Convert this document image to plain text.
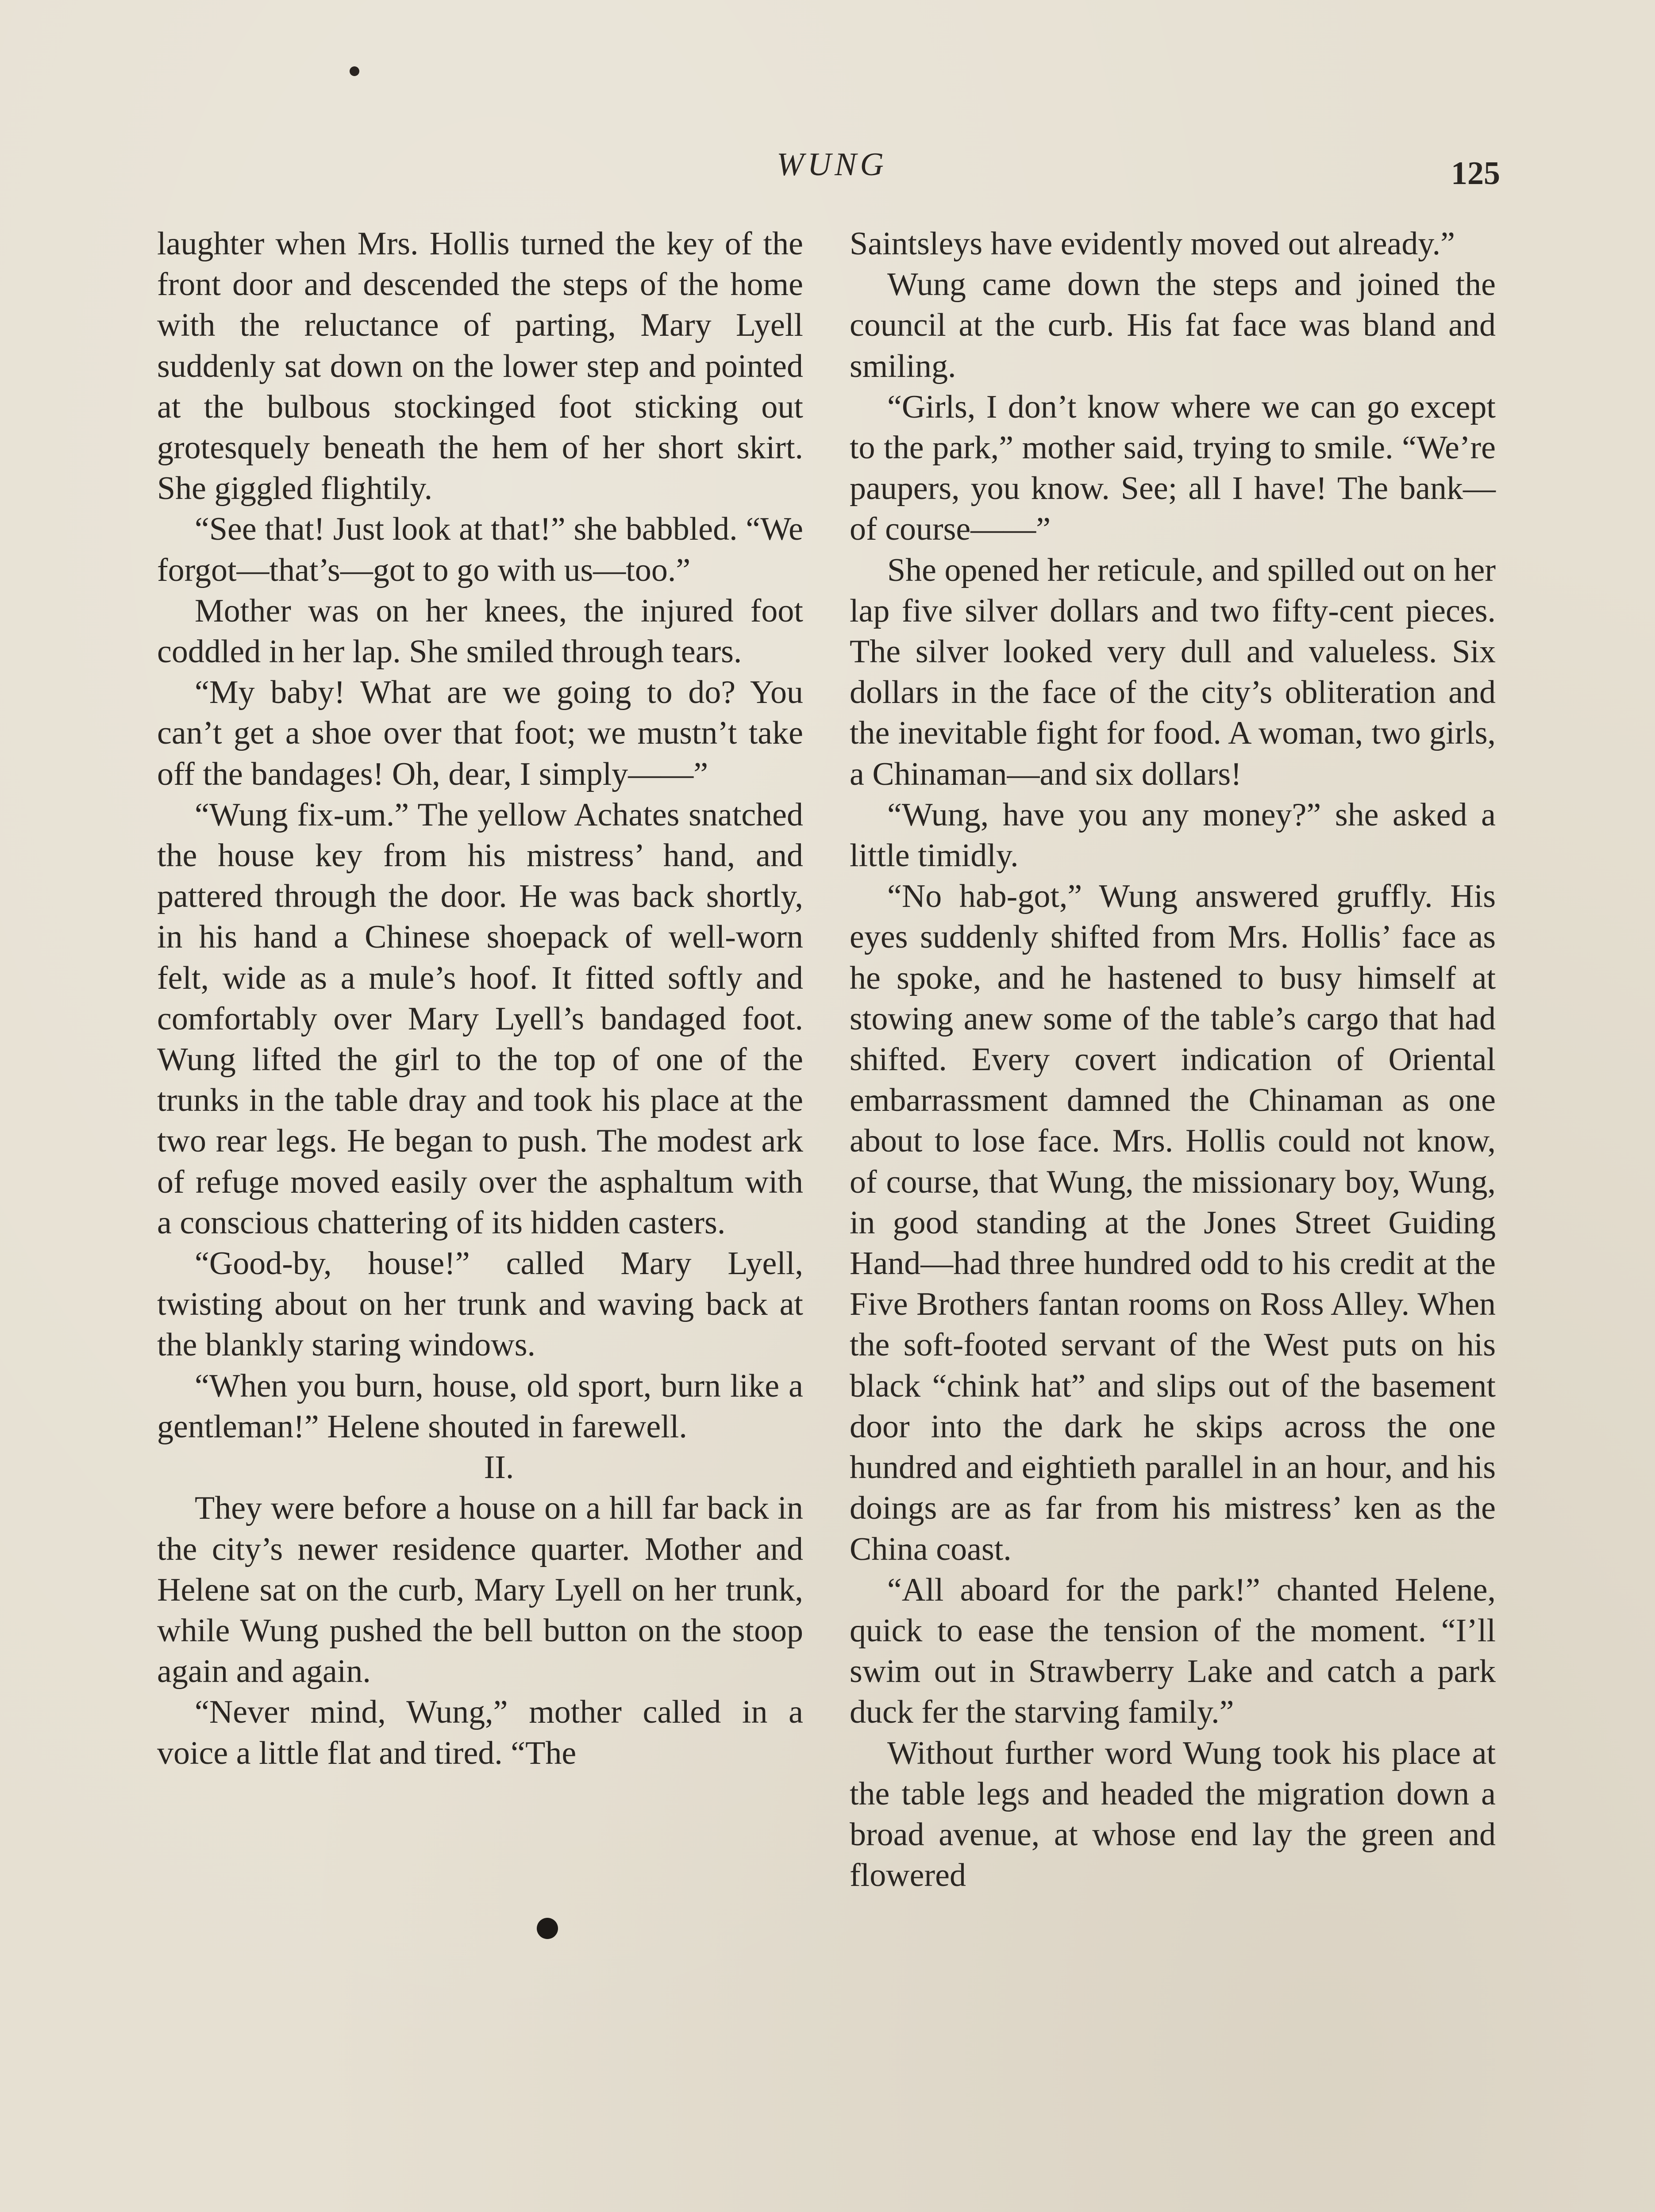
WUNG	125

laughter when Mrs. Hollis turned the key of the front door and descended the steps of the home with the reluctance of parting, Mary Lyell suddenly sat down on the lower step and pointed at the bulbous stockinged foot sticking out grotesquely beneath the hem of her short skirt. She giggled flightily.

“See that! Just look at that!” she babbled. “We forgot—that’s—got to go with us—too.”

Mother was on her knees, the injured foot coddled in her lap. She smiled through tears.

“My baby! What are we going to do? You can’t get a shoe over that foot; we mustn’t take off the bandages! Oh, dear, I simply——”

“Wung fix-um.” The yellow Achates snatched the house key from his mistress’ hand, and pattered through the door. He was back shortly, in his hand a Chinese shoepack of well-worn felt, wide as a mule’s hoof. It fitted softly and comfortably over Mary Lyell’s bandaged foot. Wung lifted the girl to the top of one of the trunks in the table dray and took his place at the two rear legs. He began to push. The modest ark of refuge moved easily over the asphaltum with a conscious chattering of its hidden casters.

“Good-by, house!” called Mary Lyell, twisting about on her trunk and waving back at the blankly staring windows.

“When you burn, house, old sport, burn like a gentleman!” Helene shouted in farewell.

II.

They were before a house on a hill far back in the city’s newer residence quarter. Mother and Helene sat on the curb, Mary Lyell on her trunk, while Wung pushed the bell button on the stoop again and again.

“Never mind, Wung,” mother called in a voice a little flat and tired. “The

Saintsleys have evidently moved out already.”

Wung came down the steps and joined the council at the curb. His fat face was bland and smiling.

“Girls, I don’t know where we can go except to the park,” mother said, trying to smile. “We’re paupers, you know. See; all I have! The bank—of course——”

She opened her reticule, and spilled out on her lap five silver dollars and two fifty-cent pieces. The silver looked very dull and valueless. Six dollars in the face of the city’s obliteration and the inevitable fight for food. A woman, two girls, a Chinaman—and six dollars!

“Wung, have you any money?” she asked a little timidly.

“No hab-got,” Wung answered gruffly. His eyes suddenly shifted from Mrs. Hollis’ face as he spoke, and he hastened to busy himself at stowing anew some of the table’s cargo that had shifted. Every covert indication of Oriental embarrassment damned the Chinaman as one about to lose face. Mrs. Hollis could not know, of course, that Wung, the missionary boy, Wung, in good standing at the Jones Street Guiding Hand—had three hundred odd to his credit at the Five Brothers fantan rooms on Ross Alley. When the soft-footed servant of the West puts on his black “chink hat” and slips out of the basement door into the dark he skips across the one hundred and eightieth parallel in an hour, and his doings are as far from his mistress’ ken as the China coast.

“All aboard for the park!” chanted Helene, quick to ease the tension of the moment. “I’ll swim out in Strawberry Lake and catch a park duck fer the starving family.”

Without further word Wung took his place at the table legs and headed the migration down a broad avenue, at whose end lay the green and flowered
